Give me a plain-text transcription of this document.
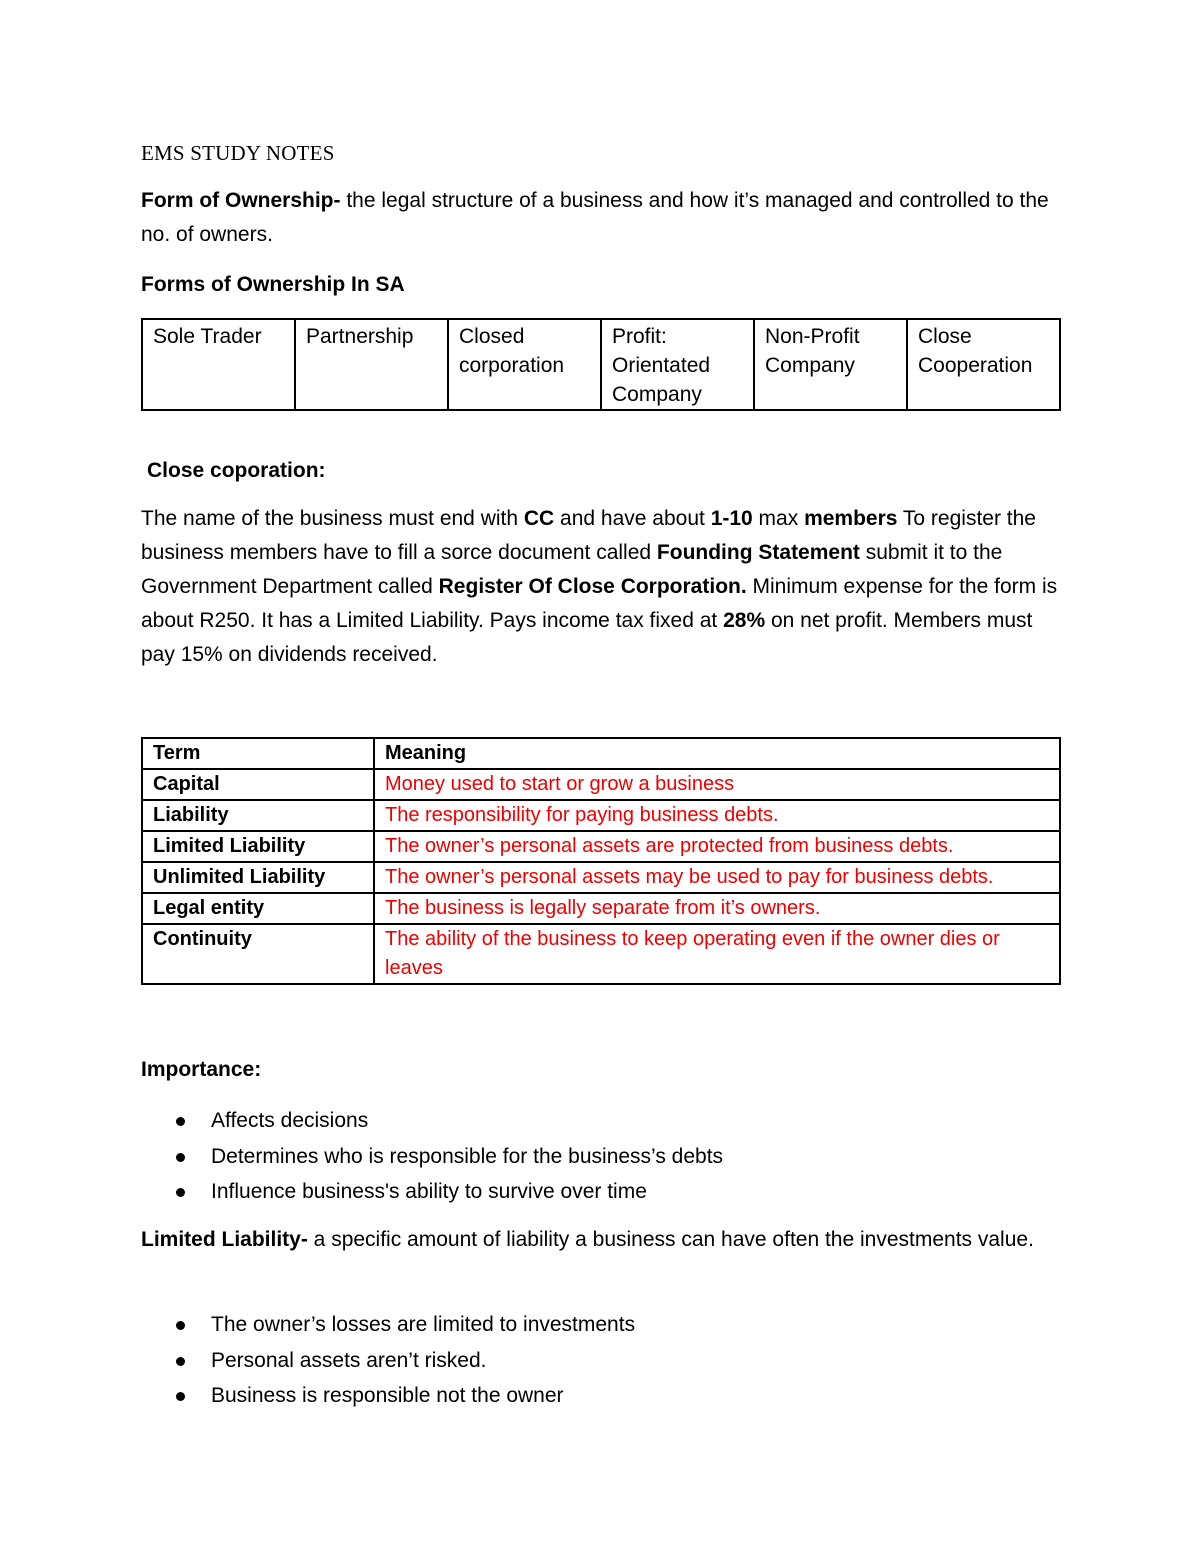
EMS STUDY NOTES
Form of Ownership- the legal structure of a business and how it’s managed and controlled to the no. of owners.
Forms of Ownership In SA
Sole Trader	Partnership	Closed corporation	Profit: Orientated Company	Non-Profit Company	Close Cooperation
Close coporation:
The name of the business must end with CC and have about 1-10 max members To register the business members have to fill a sorce document called Founding Statement submit it to the Government Department called Register Of Close Corporation. Minimum expense for the form is about R250. It has a Limited Liability. Pays income tax fixed at 28% on net profit. Members must pay 15% on dividends received.
Term	Meaning
Capital	Money used to start or grow a business
Liability	The responsibility for paying business debts.
Limited Liability	The owner’s personal assets are protected from business debts.
Unlimited Liability	The owner’s personal assets may be used to pay for business debts.
Legal entity	The business is legally separate from it’s owners.
Continuity	The ability of the business to keep operating even if the owner dies or leaves
Importance:
Affects decisions
Determines who is responsible for the business’s debts
Influence business's ability to survive over time
Limited Liability- a specific amount of liability a business can have often the investments value.
The owner’s losses are limited to investments
Personal assets aren’t risked.
Business is responsible not the owner
